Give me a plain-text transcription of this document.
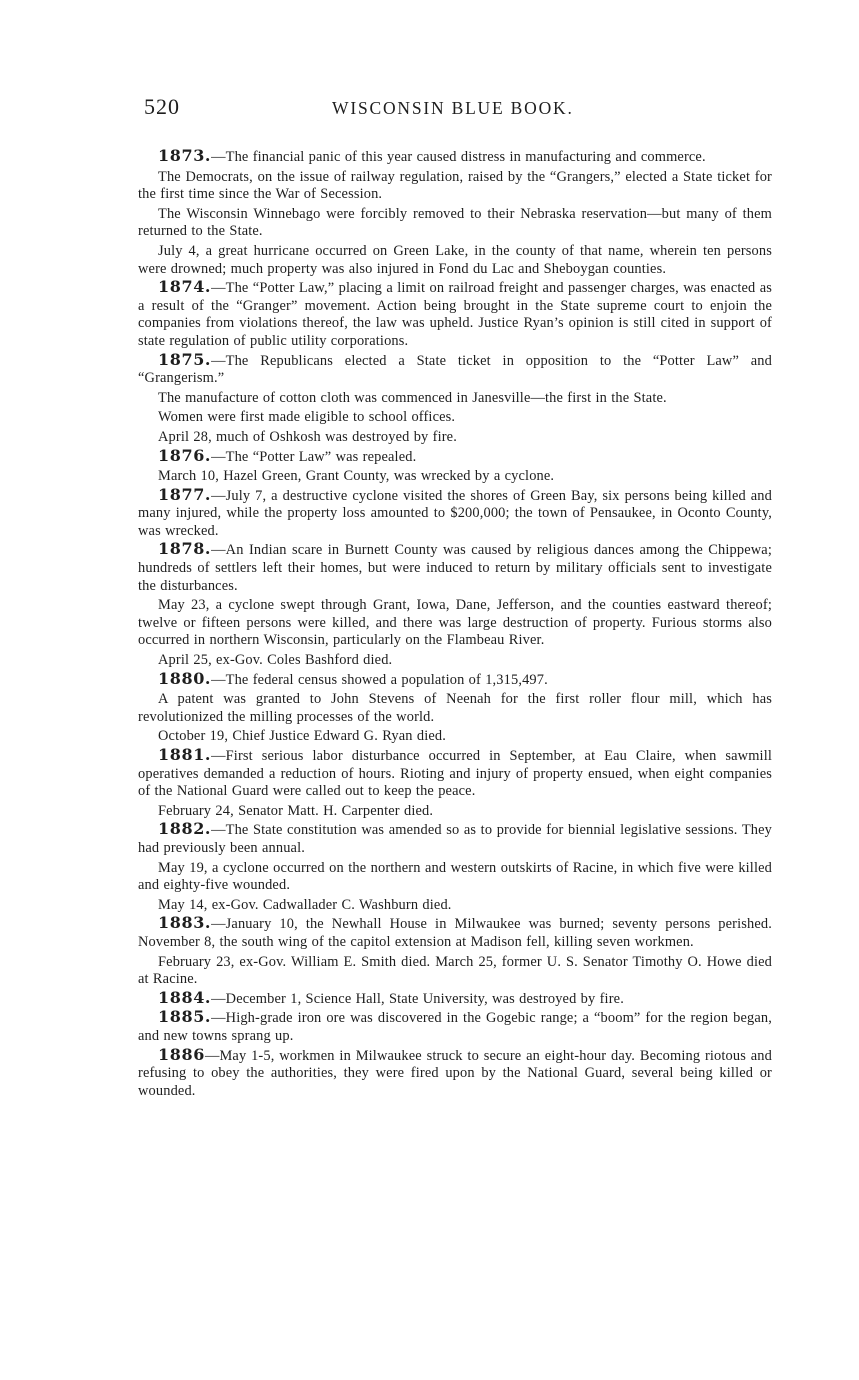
520	WISCONSIN BLUE BOOK.

1873.—The financial panic of this year caused distress in manufacturing and commerce.

The Democrats, on the issue of railway regulation, raised by the “Grangers,” elected a State ticket for the first time since the War of Secession.

The Wisconsin Winnebago were forcibly removed to their Nebraska reservation—but many of them returned to the State.

July 4, a great hurricane occurred on Green Lake, in the county of that name, wherein ten persons were drowned; much property was also injured in Fond du Lac and Sheboygan counties.

1874.—The “Potter Law,” placing a limit on railroad freight and passenger charges, was enacted as a result of the “Granger” movement. Action being brought in the State supreme court to enjoin the companies from violations thereof, the law was upheld. Justice Ryan’s opinion is still cited in support of state regulation of public utility corporations.

1875.—The Republicans elected a State ticket in opposition to the “Potter Law” and “Grangerism.”

The manufacture of cotton cloth was commenced in Janesville—the first in the State.

Women were first made eligible to school offices.

April 28, much of Oshkosh was destroyed by fire.

1876.—The “Potter Law” was repealed.

March 10, Hazel Green, Grant County, was wrecked by a cyclone.

1877.—July 7, a destructive cyclone visited the shores of Green Bay, six persons being killed and many injured, while the property loss amounted to $200,000; the town of Pensaukee, in Oconto County, was wrecked.

1878.—An Indian scare in Burnett County was caused by religious dances among the Chippewa; hundreds of settlers left their homes, but were induced to return by military officials sent to investigate the disturbances.

May 23, a cyclone swept through Grant, Iowa, Dane, Jefferson, and the counties eastward thereof; twelve or fifteen persons were killed, and there was large destruction of property. Furious storms also occurred in northern Wisconsin, particularly on the Flambeau River.

April 25, ex-Gov. Coles Bashford died.

1880.—The federal census showed a population of 1,315,497.

A patent was granted to John Stevens of Neenah for the first roller flour mill, which has revolutionized the milling processes of the world.

October 19, Chief Justice Edward G. Ryan died.

1881.—First serious labor disturbance occurred in September, at Eau Claire, when sawmill operatives demanded a reduction of hours. Rioting and injury of property ensued, when eight companies of the National Guard were called out to keep the peace.

February 24, Senator Matt. H. Carpenter died.

1882.—The State constitution was amended so as to provide for biennial legislative sessions. They had previously been annual.

May 19, a cyclone occurred on the northern and western outskirts of Racine, in which five were killed and eighty-five wounded.

May 14, ex-Gov. Cadwallader C. Washburn died.

1883.—January 10, the Newhall House in Milwaukee was burned; seventy persons perished. November 8, the south wing of the capitol extension at Madison fell, killing seven workmen.

February 23, ex-Gov. William E. Smith died. March 25, former U. S. Senator Timothy O. Howe died at Racine.

1884.—December 1, Science Hall, State University, was destroyed by fire.

1885.—High-grade iron ore was discovered in the Gogebic range; a “boom” for the region began, and new towns sprang up.

1886—May 1-5, workmen in Milwaukee struck to secure an eight-hour day. Becoming riotous and refusing to obey the authorities, they were fired upon by the National Guard, several being killed or wounded.
